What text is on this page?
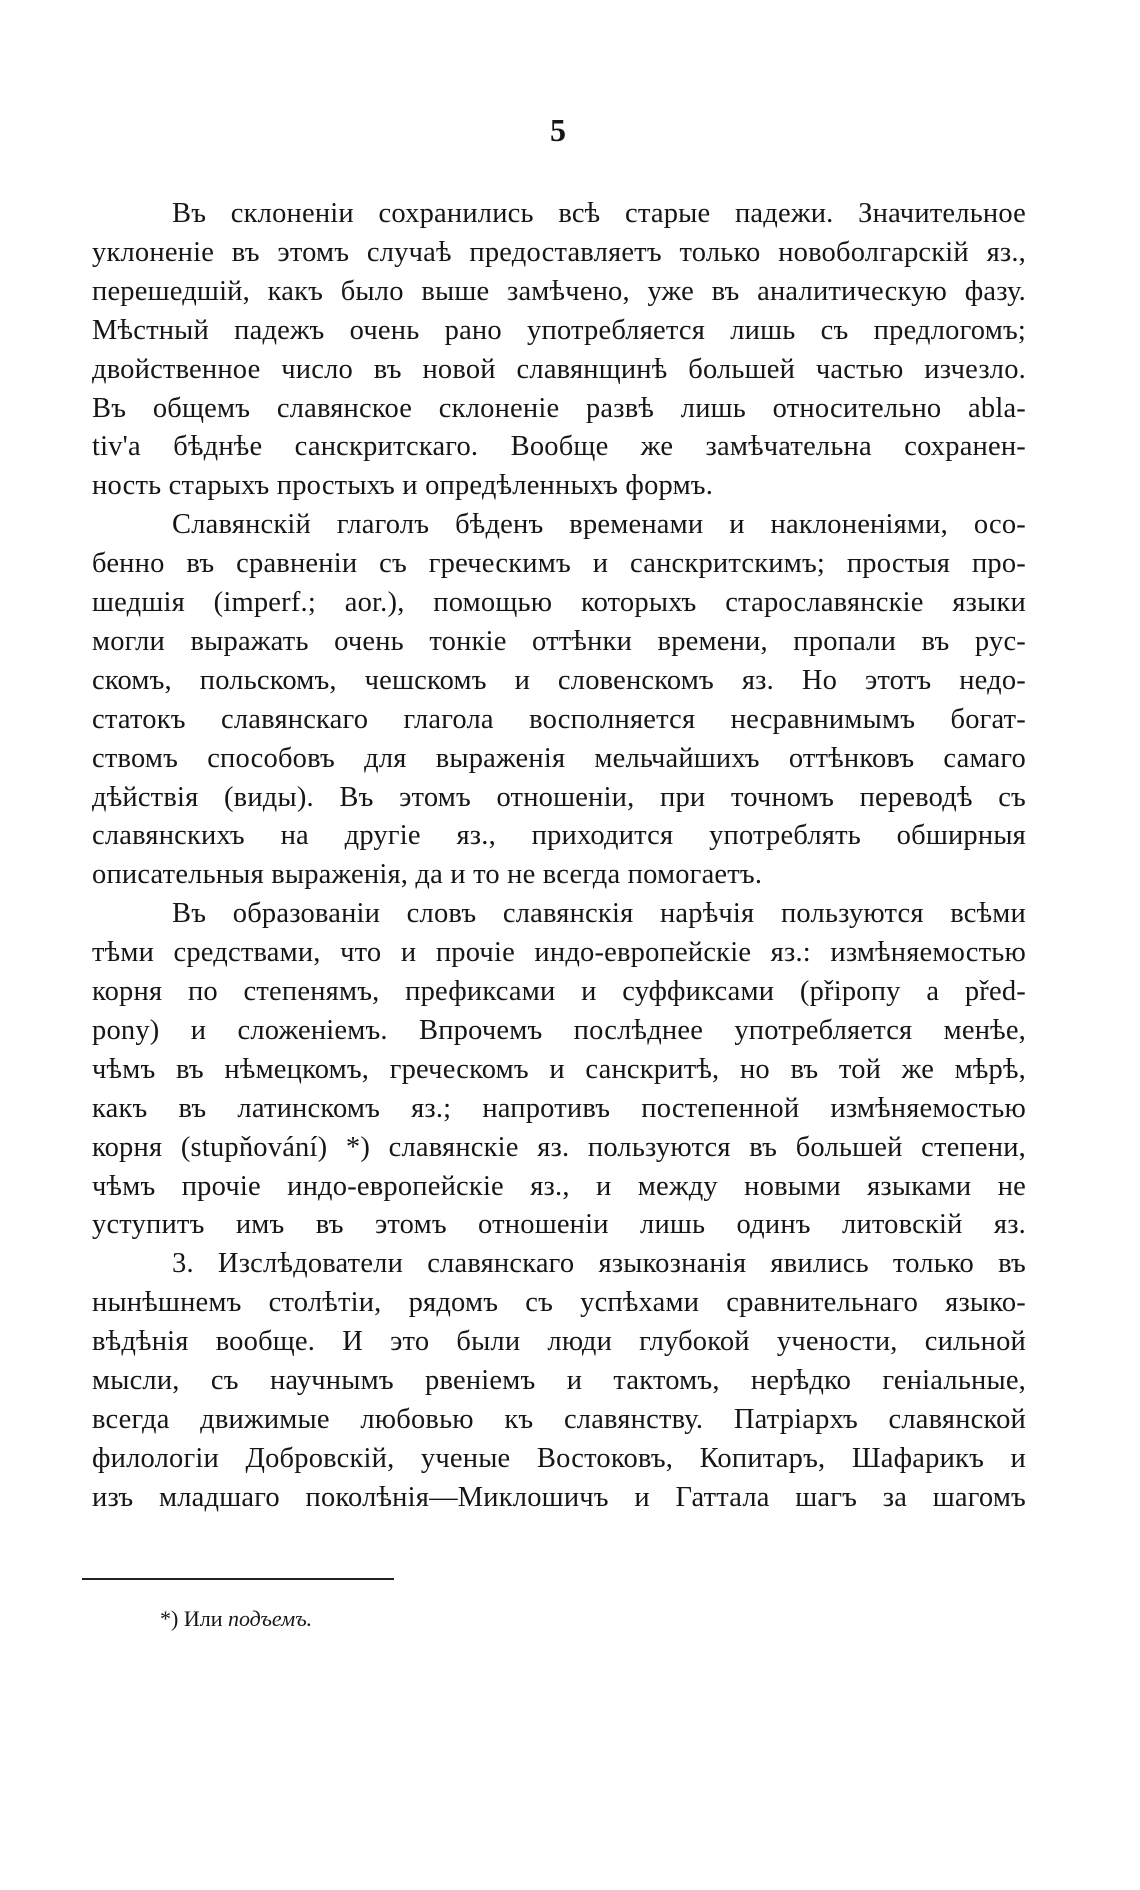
5
Въ склоненіи сохранились всѣ старые падежи. Значительное
уклоненіе въ этомъ случаѣ предоставляетъ только новоболгарскій яз.,
перешедшій, какъ было выше замѣчено, уже въ аналитическую фазу.
Мѣстный падежъ очень рано употребляется лишь съ предлогомъ;
двойственное число въ новой славянщинѣ большей частью изчезло.
Въ общемъ славянское склоненіе развѣ лишь относительно ablа-
tiv'а бѣднѣе санскритскаго. Вообще же замѣчательна сохранен-
ность старыхъ простыхъ и опредѣленныхъ формъ.
Славянскій глаголъ бѣденъ временами и наклоненіями, осо-
бенно въ сравненіи съ греческимъ и санскритскимъ; простыя про-
шедшія (imperf.; aor.), помощью которыхъ старославянскіе языки
могли выражать очень тонкіе оттѣнки времени, пропали въ рус-
скомъ, польскомъ, чешскомъ и словенскомъ яз. Но этотъ недо-
статокъ славянскаго глагола восполняется несравнимымъ богат-
ствомъ способовъ для выраженія мельчайшихъ оттѣнковъ самаго
дѣйствія (виды). Въ этомъ отношеніи, при точномъ переводѣ съ
славянскихъ на другіе яз., приходится употреблять обширныя
описательныя выраженія, да и то не всегда помогаетъ.
Въ образованіи словъ славянскія нарѣчія пользуются всѣми
тѣми средствами, что и прочіе индо-европейскіе яз.: измѣняемостью
корня по степенямъ, префиксами и суффиксами (přiропу a před-
pony) и сложеніемъ. Впрочемъ послѣднее употребляется менѣе,
чѣмъ въ нѣмецкомъ, греческомъ и санскритѣ, но въ той же мѣрѣ,
какъ въ латинскомъ яз.; напротивъ постепенной измѣняемостью
корня (stupňování) *) славянскіе яз. пользуются въ большей степени,
чѣмъ прочіе индо-европейскіе яз., и между новыми языками не
уступитъ имъ въ этомъ отношеніи лишь одинъ литовскій яз.
3. Изслѣдователи славянскаго языкознанія явились только въ
нынѣшнемъ столѣтіи, рядомъ съ успѣхами сравнительнаго языко-
вѣдѣнія вообще. И это были люди глубокой учености, сильной
мысли, съ научнымъ рвеніемъ и тактомъ, нерѣдко геніальные,
всегда движимые любовью къ славянству. Патріархъ славянской
филологіи Добровскій, ученые Востоковъ, Копитаръ, Шафарикъ и
изъ младшаго поколѣнія—Миклошичъ и Гаттала шагъ за шагомъ
*) Или подъемъ.
